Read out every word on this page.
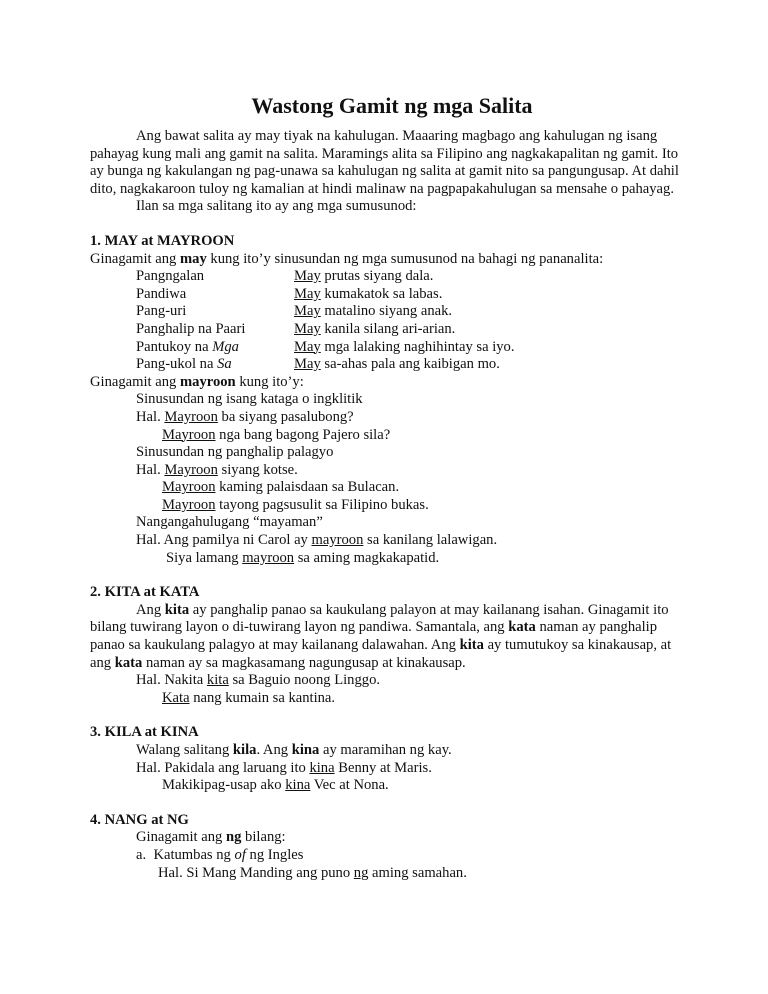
Wastong Gamit ng mga Salita

Ang bawat salita ay may tiyak na kahulugan. Maaaring magbago ang kahulugan ng isang pahayag kung mali ang gamit na salita. Maramings alita sa Filipino ang nagkakapalitan ng gamit. Ito ay bunga ng kakulangan ng pag-unawa sa kahulugan ng salita at gamit nito sa pangungusap. At dahil dito, nagkakaroon tuloy ng kamalian at hindi malinaw na pagpapakahulugan sa mensahe o pahayag.

Ilan sa mga salitang ito ay ang mga sumusunod:

1. MAY at MAYROON

Ginagamit ang may kung ito’y sinusundan ng mga sumusunod na bahagi ng pananalita:

Pangngalan	May prutas siyang dala.
Pandiwa	May kumakatok sa labas.
Pang-uri	May matalino siyang anak.
Panghalip na Paari	May kanila silang ari-arian.
Pantukoy na Mga	May mga lalaking naghihintay sa iyo.
Pang-ukol na Sa	May sa-ahas pala ang kaibigan mo.

Ginagamit ang mayroon kung ito’y:

Sinusundan ng isang kataga o ingklitik

Hal. Mayroon ba siyang pasalubong?

Mayroon nga bang bagong Pajero sila?

Sinusundan ng panghalip palagyo

Hal. Mayroon siyang kotse.

Mayroon kaming palaisdaan sa Bulacan.

Mayroon tayong pagsusulit sa Filipino bukas.

Nangangahulugang “mayaman”

Hal. Ang pamilya ni Carol ay mayroon sa kanilang lalawigan.

Siya lamang mayroon sa aming magkakapatid.

2. KITA at KATA

Ang kita ay panghalip panao sa kaukulang palayon at may kailanang isahan. Ginagamit ito bilang tuwirang layon o di-tuwirang layon ng pandiwa. Samantala, ang kata naman ay panghalip panao sa kaukulang palagyo at may kailanang dalawahan. Ang kita ay tumutukoy sa kinakausap, at ang kata naman ay sa magkasamang nagungusap at kinakausap.

Hal. Nakita kita sa Baguio noong Linggo.

Kata nang kumain sa kantina.

3. KILA at KINA

Walang salitang kila. Ang kina ay maramihan ng kay.

Hal. Pakidala ang laruang ito kina Benny at Maris.

Makikipag-usap ako kina Vec at Nona.

4. NANG at NG

Ginagamit ang ng bilang:

a. Katumbas ng of ng Ingles

Hal. Si Mang Manding ang puno ng aming samahan.
